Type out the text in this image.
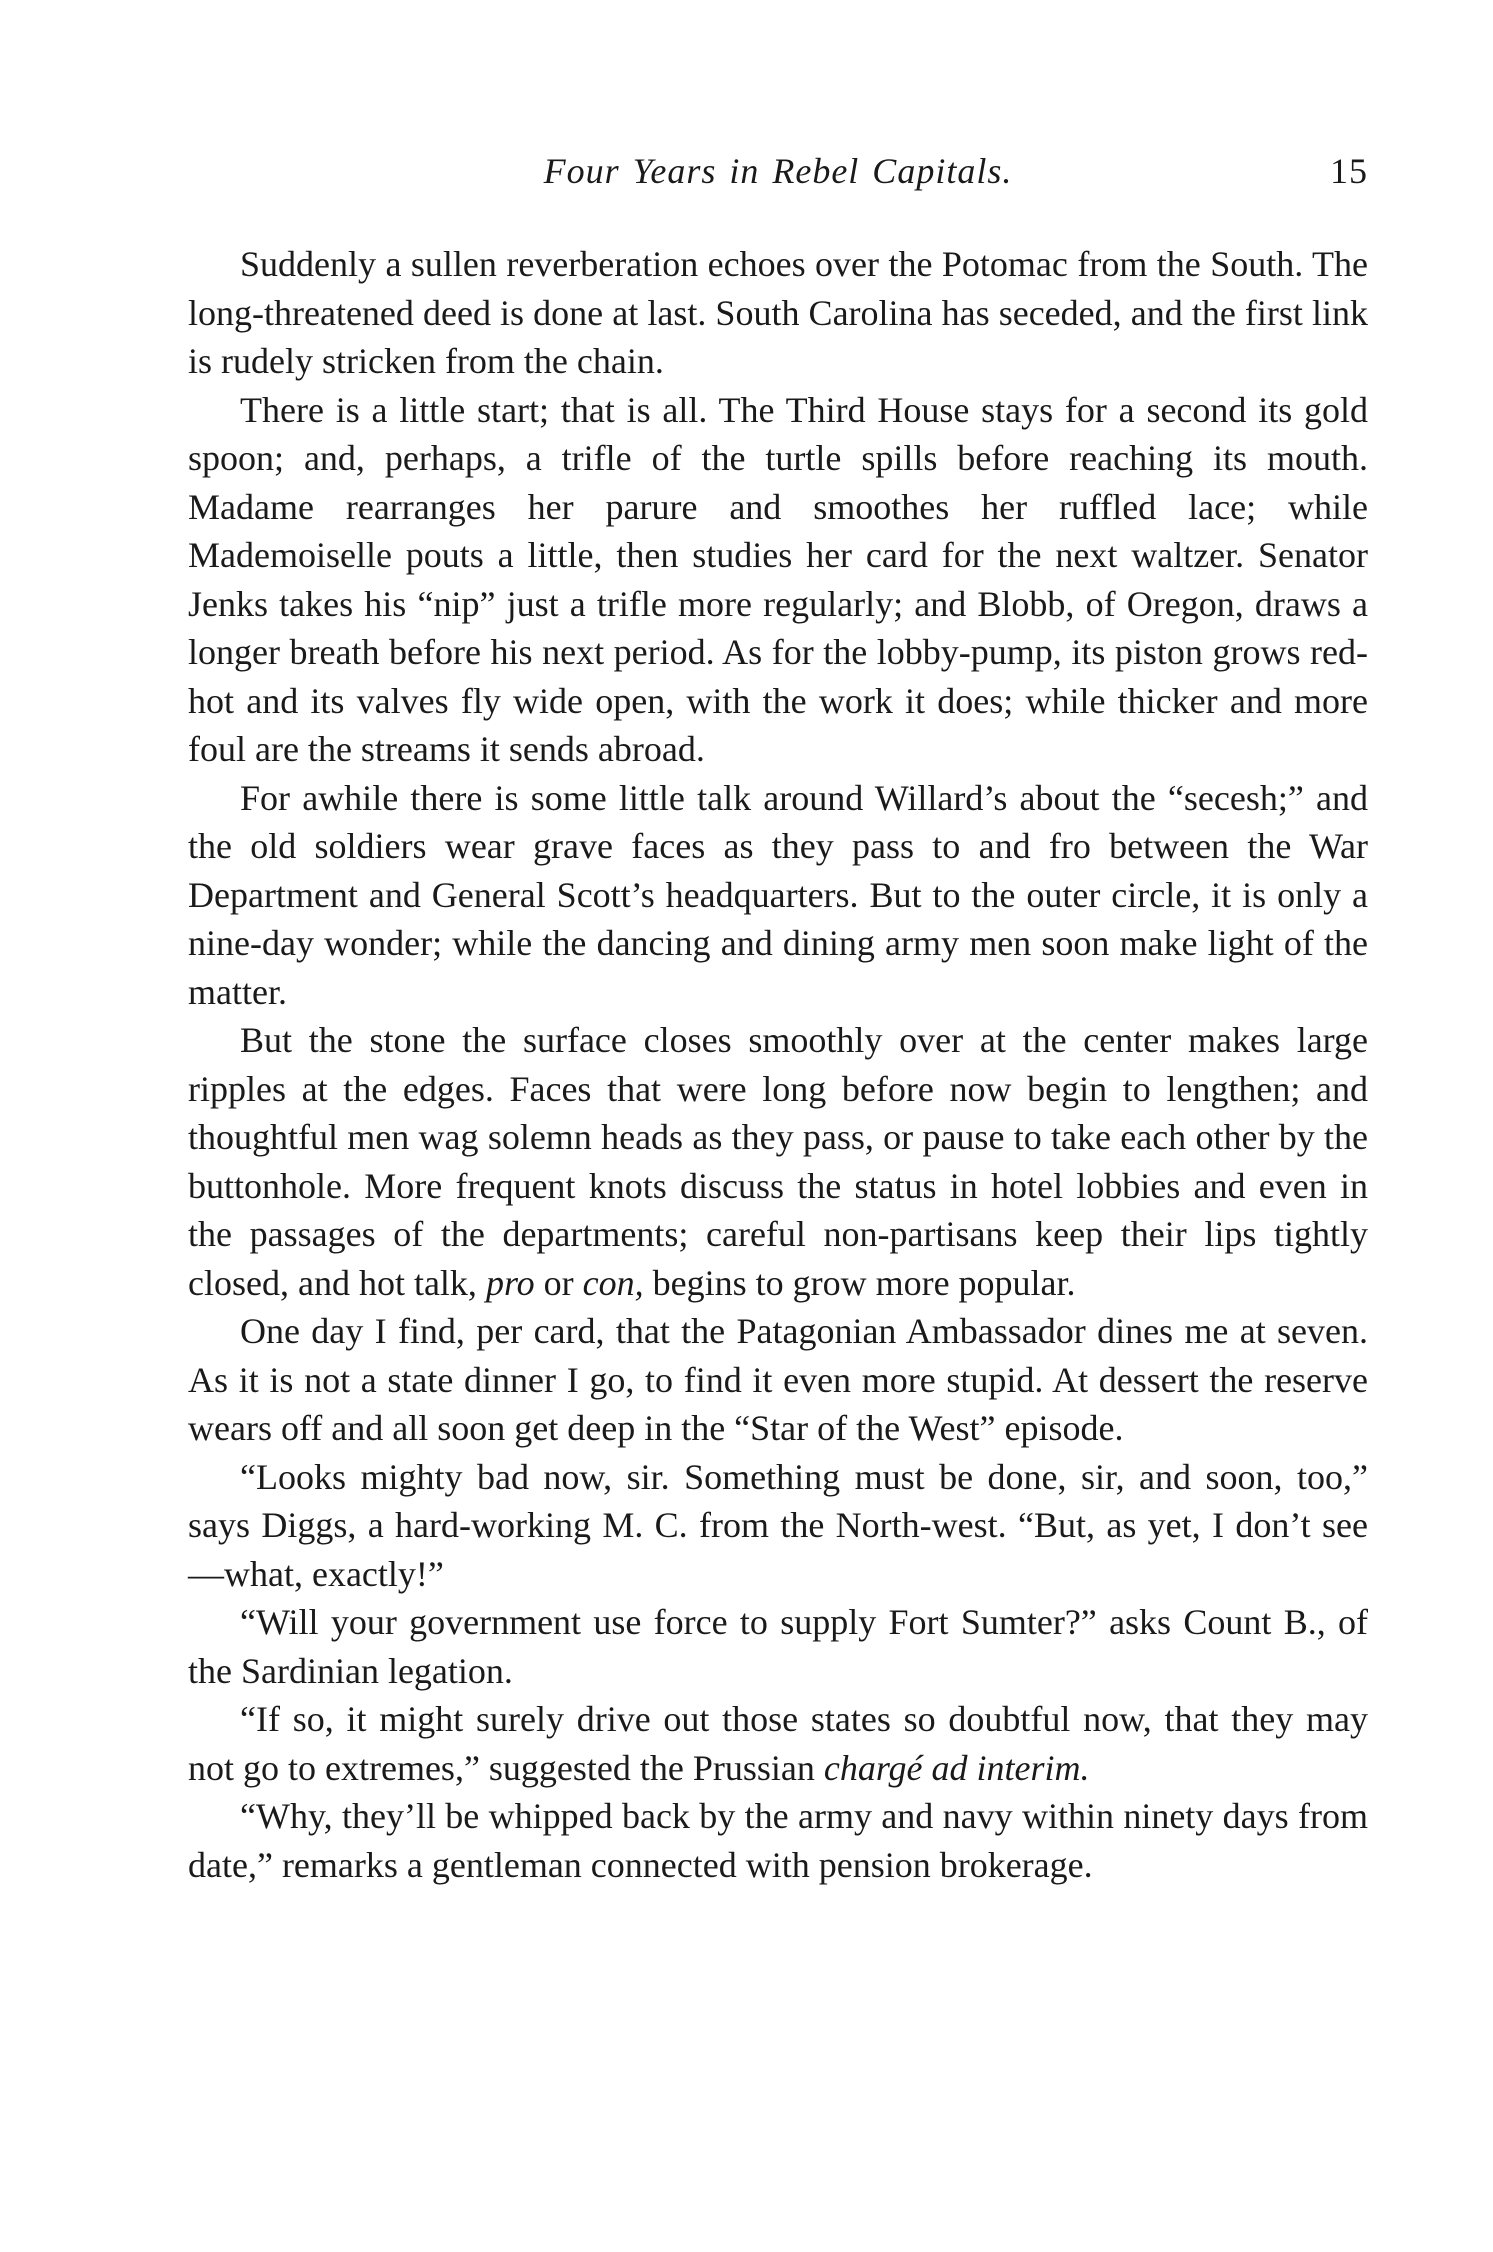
Four Years in Rebel Capitals.	15

Suddenly a sullen reverberation echoes over the Potomac from the South. The long-threatened deed is done at last. South Carolina has seceded, and the first link is rudely stricken from the chain.

There is a little start; that is all. The Third House stays for a second its gold spoon; and, perhaps, a trifle of the turtle spills before reaching its mouth. Madame rearranges her parure and smoothes her ruffled lace; while Mademoiselle pouts a little, then studies her card for the next waltzer. Senator Jenks takes his “nip” just a trifle more regularly; and Blobb, of Oregon, draws a longer breath before his next period. As for the lobby-pump, its piston grows red-hot and its valves fly wide open, with the work it does; while thicker and more foul are the streams it sends abroad.

For awhile there is some little talk around Willard’s about the “secesh;” and the old soldiers wear grave faces as they pass to and fro between the War Department and General Scott’s headquarters. But to the outer circle, it is only a nine-day wonder; while the dancing and dining army men soon make light of the matter.

But the stone the surface closes smoothly over at the center makes large ripples at the edges. Faces that were long before now begin to lengthen; and thoughtful men wag solemn heads as they pass, or pause to take each other by the buttonhole. More frequent knots discuss the status in hotel lobbies and even in the passages of the departments; careful non-partisans keep their lips tightly closed, and hot talk, pro or con, begins to grow more popular.

One day I find, per card, that the Patagonian Ambassador dines me at seven. As it is not a state dinner I go, to find it even more stupid. At dessert the reserve wears off and all soon get deep in the “Star of the West” episode.

“Looks mighty bad now, sir. Something must be done, sir, and soon, too,” says Diggs, a hard-working M. C. from the North-west. “But, as yet, I don’t see—what, exactly!”

“Will your government use force to supply Fort Sumter?” asks Count B., of the Sardinian legation.

“If so, it might surely drive out those states so doubtful now, that they may not go to extremes,” suggested the Prussian chargé ad interim.

“Why, they’ll be whipped back by the army and navy within ninety days from date,” remarks a gentleman connected with pension brokerage.
